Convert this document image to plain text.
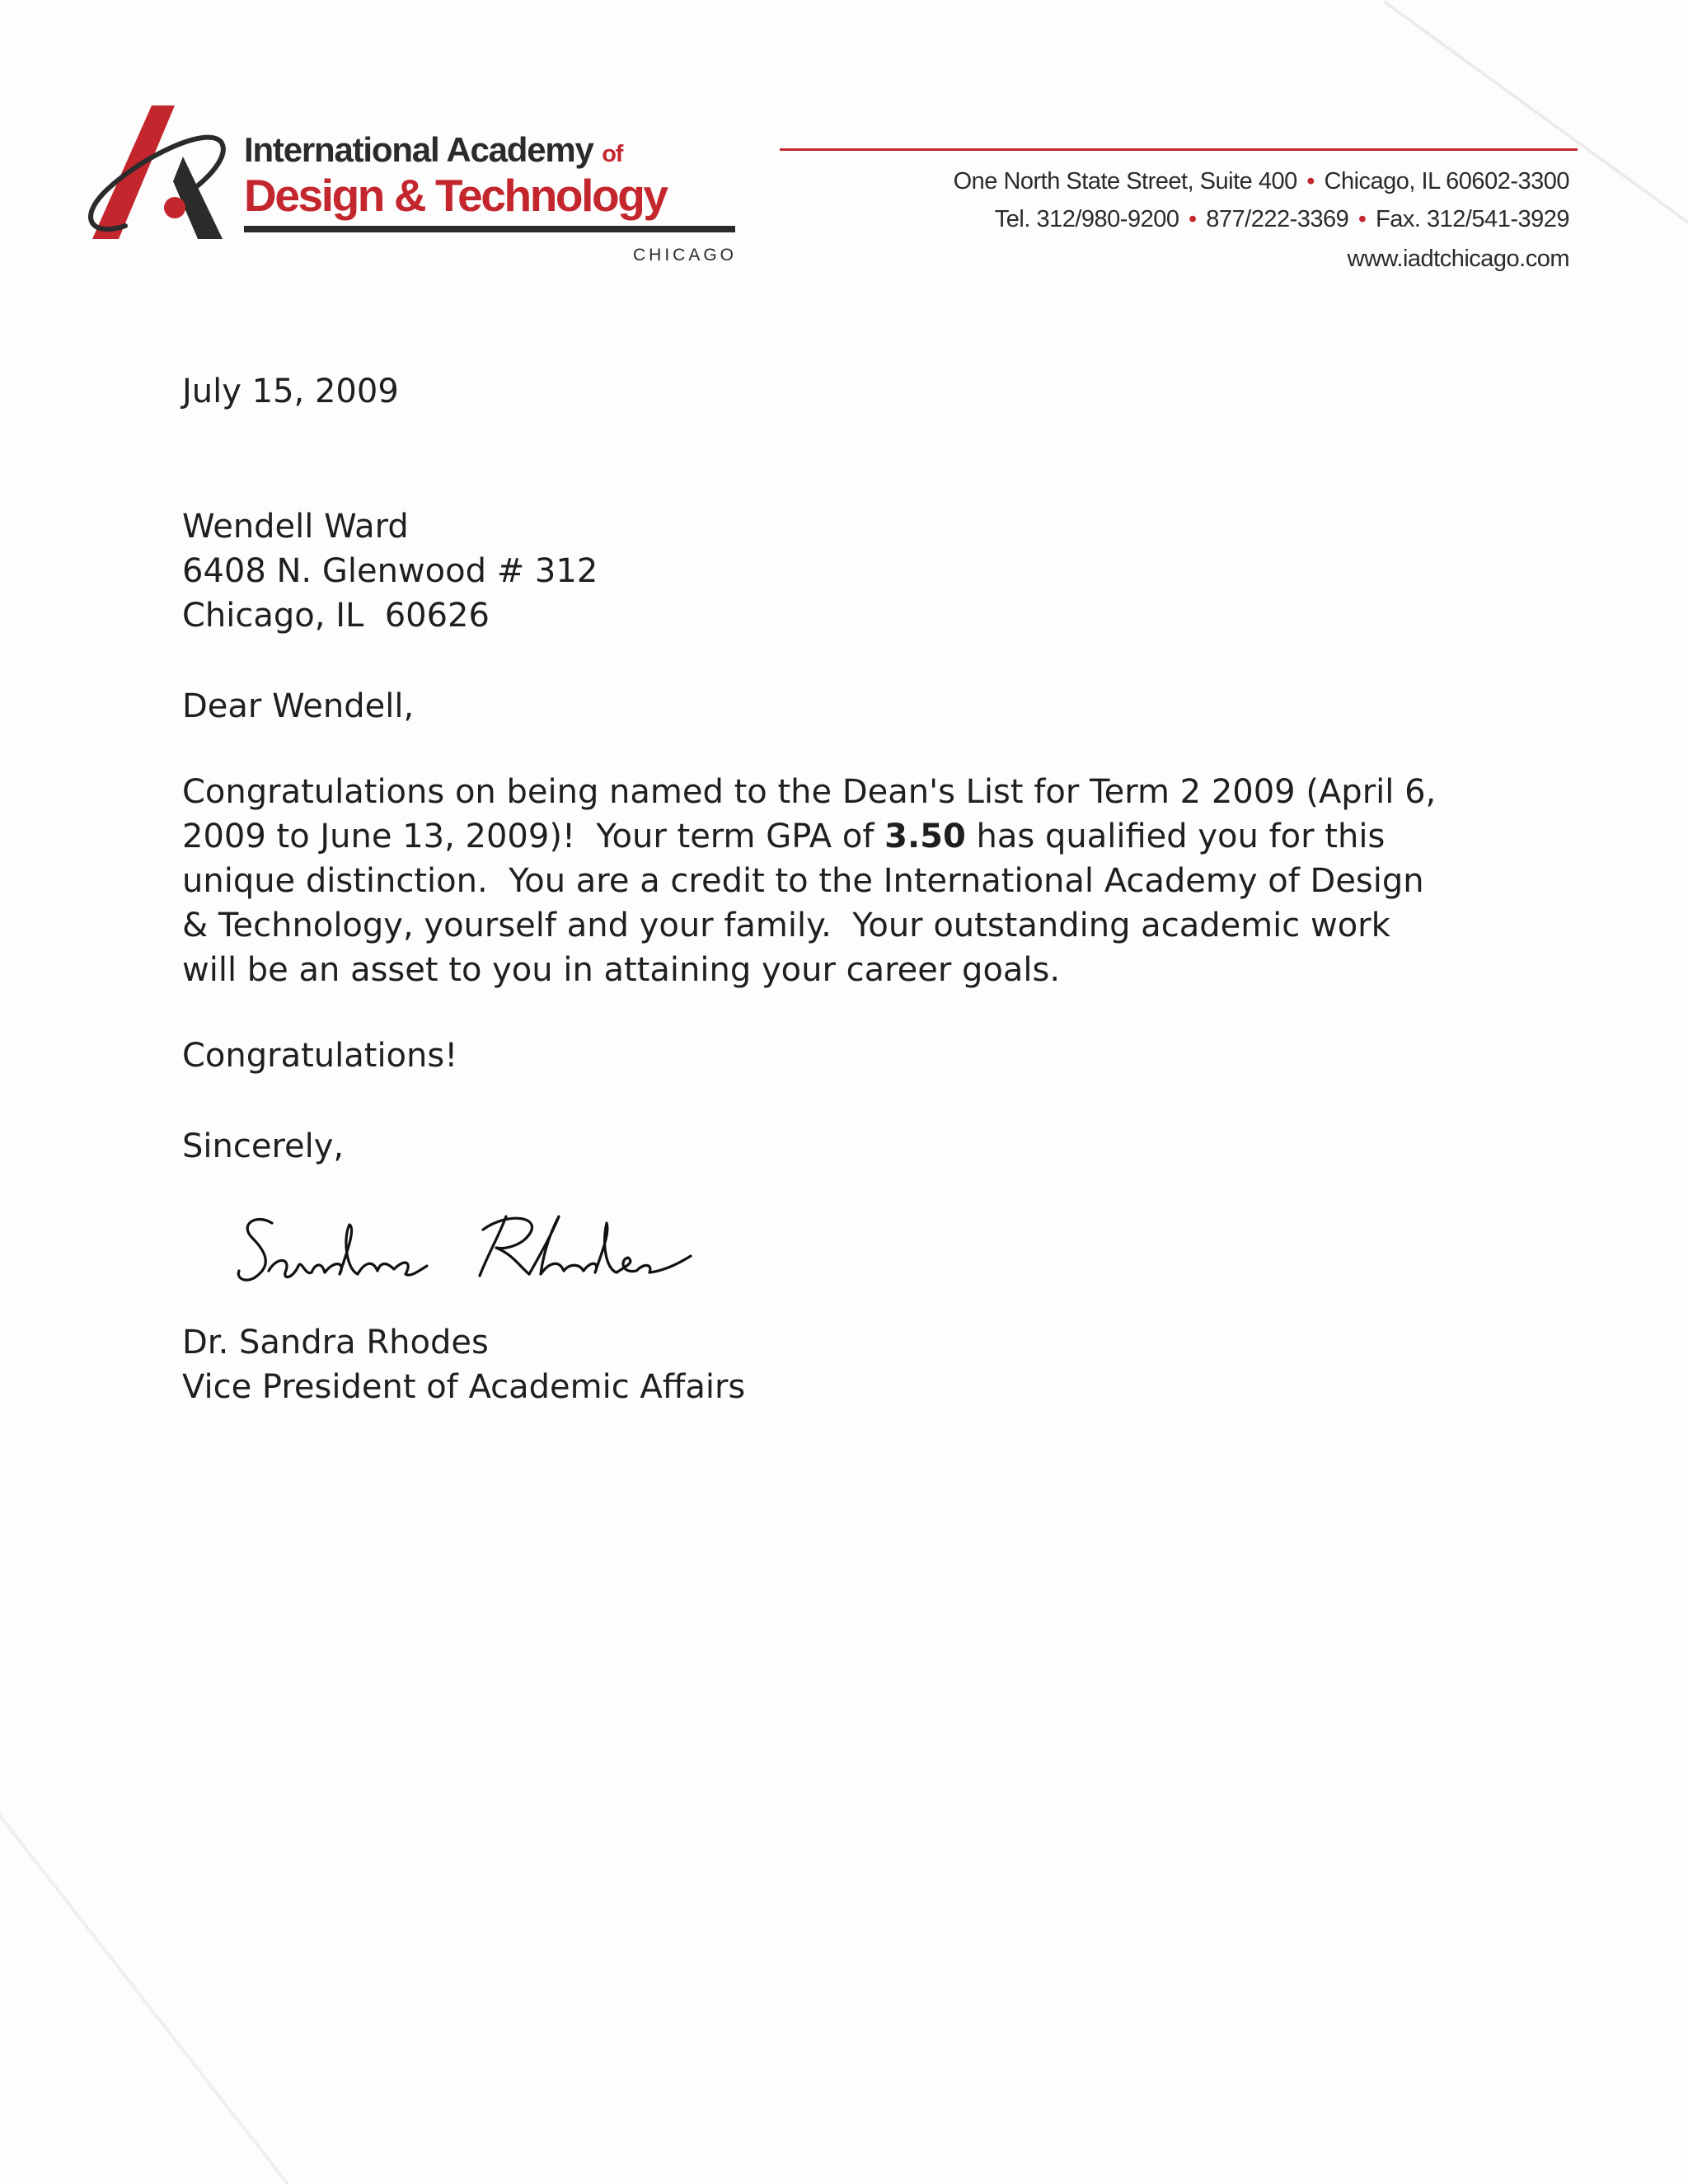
International Academy of
Design & Technology
CHICAGO
One North State Street, Suite 400 • Chicago, IL 60602-3300
Tel. 312/980-9200 • 877/222-3369 • Fax. 312/541-3929
www.iadtchicago.com
July 15, 2009
Wendell Ward
6408 N. Glenwood # 312
Chicago, IL  60626
Dear Wendell,
Congratulations on being named to the Dean's List for Term 2 2009 (April 6,
2009 to June 13, 2009)!  Your term GPA of 3.50 has qualified you for this
unique distinction.  You are a credit to the International Academy of Design
& Technology, yourself and your family.  Your outstanding academic work
will be an asset to you in attaining your career goals.
Congratulations!
Sincerely,
Dr. Sandra Rhodes
Vice President of Academic Affairs
